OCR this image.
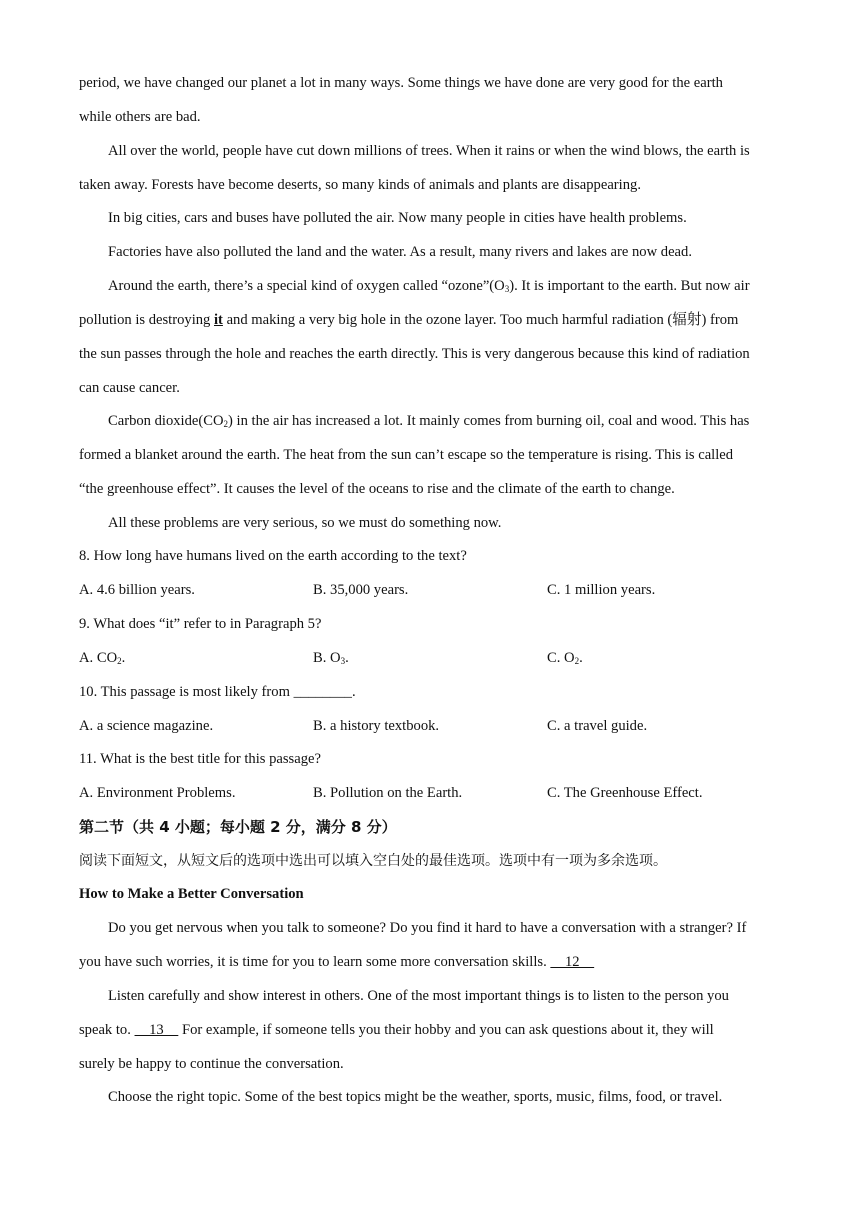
period, we have changed our planet a lot in many ways. Some things we have done are very good for the earth
while others are bad.
All over the world, people have cut down millions of trees. When it rains or when the wind blows, the earth is
taken away. Forests have become deserts, so many kinds of animals and plants are disappearing.
In big cities, cars and buses have polluted the air. Now many people in cities have health problems.
Factories have also polluted the land and the water. As a result, many rivers and lakes are now dead.
Around the earth, there’s a special kind of oxygen called “$ozone”(O_3)$. It is important to the earth. But now air
pollution is destroying it and making a very big hole in the ozone layer. Too much harmful radiation (辐射) from
the sun passes through the hole and reaches the earth directly. This is very dangerous because this kind of radiation
can cause cancer.
Carbon $dioxide(CO_2)$ in the air has increased a lot. It mainly comes from burning oil, coal and wood. This has
formed a blanket around the earth. The heat from the sun can’t escape so the temperature is rising. This is called
“the greenhouse effect”. It causes the level of the oceans to rise and the climate of the earth to change.
All these problems are very serious, so we must do something now.
8. How long have humans lived on the earth according to the text?
A. 4.6 billion years.	B. 35,000 years.	C. 1 million years.
9. What does “it” refer to in Paragraph 5?
A. $CO_2$.	B. $O_3$.	C. $O_2$.
10. This passage is most likely from ________.
A. a science magazine.	B. a history textbook.	C. a travel guide.
11. What is the best title for this passage?
A. Environment Problems.	B. Pollution on the Earth.	C. The Greenhouse Effect.
第二节（共 4 小题；每小题 2 分，满分 8 分）
阅读下面短文，从短文后的选项中选出可以填入空白处的最佳选项。选项中有一项为多余选项。
How to Make a Better Conversation
Do you get nervous when you talk to someone? Do you find it hard to have a conversation with a stranger? If
you have such worries, it is time for you to learn some more conversation skills.     12
Listen carefully and show interest in others. One of the most important things is to listen to the person you
speak to.     13     For example, if someone tells you their hobby and you can ask questions about it, they will
surely be happy to continue the conversation.
Choose the right topic. Some of the best topics might be the weather, sports, music, films, food, or travel.
